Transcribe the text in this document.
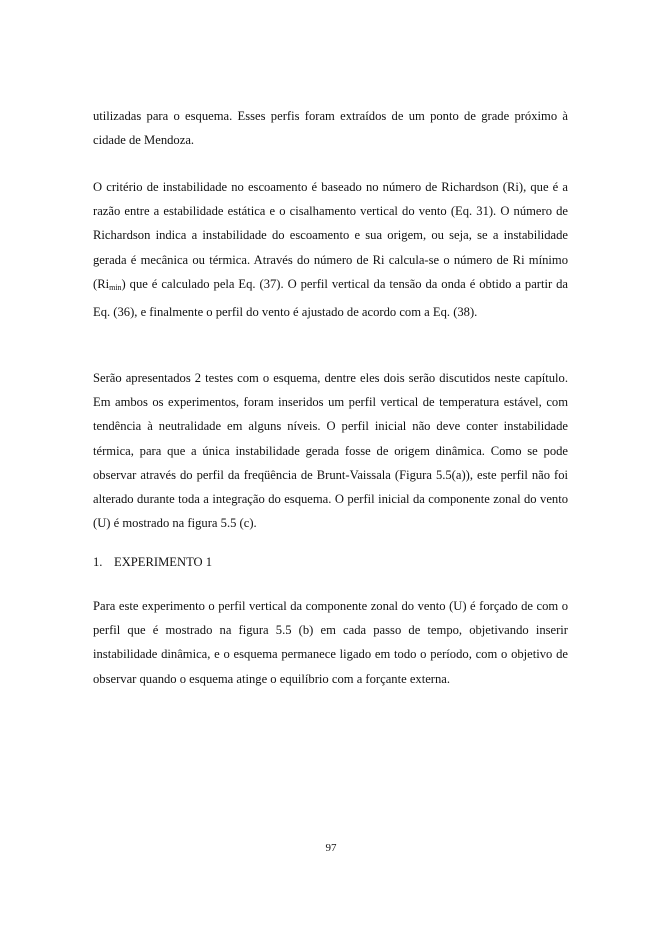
utilizadas para o esquema. Esses perfis foram extraídos de um ponto de grade próximo à cidade de Mendoza.

O critério de instabilidade no escoamento é baseado no número de Richardson (Ri), que é a razão entre a estabilidade estática e o cisalhamento vertical do vento (Eq. 31). O número de Richardson indica a instabilidade do escoamento e sua origem, ou seja, se a instabilidade gerada é mecânica ou térmica. Através do número de Ri calcula-se o número de Ri mínimo $(Ri_{min})$ que é calculado pela Eq. (37). O perfil vertical da tensão da onda é obtido a partir da Eq. (36), e finalmente o perfil do vento é ajustado de acordo com a Eq. (38).

Serão apresentados 2 testes com o esquema, dentre eles dois serão discutidos neste capítulo. Em ambos os experimentos, foram inseridos um perfil vertical de temperatura estável, com tendência à neutralidade em alguns níveis. O perfil inicial não deve conter instabilidade térmica, para que a única instabilidade gerada fosse de origem dinâmica. Como se pode observar através do perfil da freqüência de Brunt-Vaissala (Figura 5.5(a)), este perfil não foi alterado durante toda a integração do esquema. O perfil inicial da componente zonal do vento (U) é mostrado na figura 5.5 (c).

1. EXPERIMENTO 1

Para este experimento o perfil vertical da componente zonal do vento (U) é forçado de com o perfil que é mostrado na figura 5.5 (b) em cada passo de tempo, objetivando inserir instabilidade dinâmica, e o esquema permanece ligado em todo o período, com o objetivo de observar quando o esquema atinge o equilíbrio com a forçante externa.

97
